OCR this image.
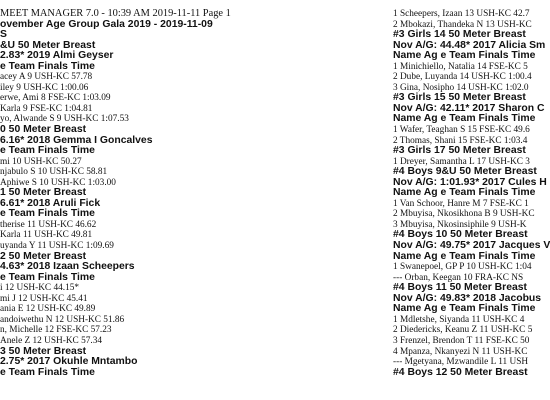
MEET MANAGER 7.0 - 10:39 AM 2019-11-11 Page 1
ovember Age Group Gala 2019 - 2019-11-09
S
&U 50 Meter Breast
2.83* 2019 Almi Geyser
e Team Finals Time
acey A 9 USH-KC 57.78
iley 9 USH-KC 1:00.06
erwe, Ami 8 FSE-KC 1:03.09
Karla 9 FSE-KC 1:04.81
yo, Alwande S 9 USH-KC 1:07.53
0 50 Meter Breast
6.16* 2018 Gemma I Goncalves
e Team Finals Time
mi 10 USH-KC 50.27
njabulo S 10 USH-KC 58.81
Aphiwe S 10 USH-KC 1:03.00
1 50 Meter Breast
6.61* 2018 Aruli Fick
e Team Finals Time
therise 11 USH-KC 46.62
Karla 11 USH-KC 49.81
uyanda Y 11 USH-KC 1:09.69
2 50 Meter Breast
4.63* 2018 Izaan Scheepers
e Team Finals Time
i 12 USH-KC 44.15*
mi J 12 USH-KC 45.41
ania E 12 USH-KC 49.89
andoiwethu N 12 USH-KC 51.86
n, Michelle 12 FSE-KC 57.23
Anele Z 12 USH-KC 57.34
3 50 Meter Breast
2.75* 2017 Okuhle Mntambo
e Team Finals Time
1 Scheepers, Izaan 13 USH-KC 42.7
2 Mbokazi, Thandeka N 13 USH-KC
#3 Girls 14 50 Meter Breast
Nov A/G: 44.48* 2017 Alicia Sm
Name Ag e Team Finals Time
1 Minichiello, Natalia 14 FSE-KC 5
2 Dube, Luyanda 14 USH-KC 1:00.4
3 Gina, Nosipho 14 USH-KC 1:02.0
#3 Girls 15 50 Meter Breast
Nov A/G: 42.11* 2017 Sharon C
Name Ag e Team Finals Time
1 Wafer, Teaghan S 15 FSE-KC 49.6
2 Thomas, Shani 15 FSE-KC 1:03.4
#3 Girls 17 50 Meter Breast
1 Dreyer, Samantha L 17 USH-KC 3
#4 Boys 9&U 50 Meter Breast
Nov A/G: 1:01.93* 2017 Cules H
Name Ag e Team Finals Time
1 Van Schoor, Hanre M 7 FSE-KC 1
2 Mbuyisa, Nkosikhona B 9 USH-KC
3 Mbuyisa, Nkosinsiphile 9 USH-K
#4 Boys 10 50 Meter Breast
Nov A/G: 49.75* 2017 Jacques V
Name Ag e Team Finals Time
1 Swanepoel, GP P 10 USH-KC 1:04
--- Orban, Keegan 10 FRA-KC NS
#4 Boys 11 50 Meter Breast
Nov A/G: 49.83* 2018 Jacobus
Name Ag e Team Finals Time
1 Mdletshe, Siyanda 11 USH-KC 4
2 Diedericks, Keanu Z 11 USH-KC 5
3 Frenzel, Brendon T 11 FSE-KC 50
4 Mpanza, Nkanyezi N 11 USH-KC
--- Mgetyana, Mzwandile L 11 USH
#4 Boys 12 50 Meter Breast
